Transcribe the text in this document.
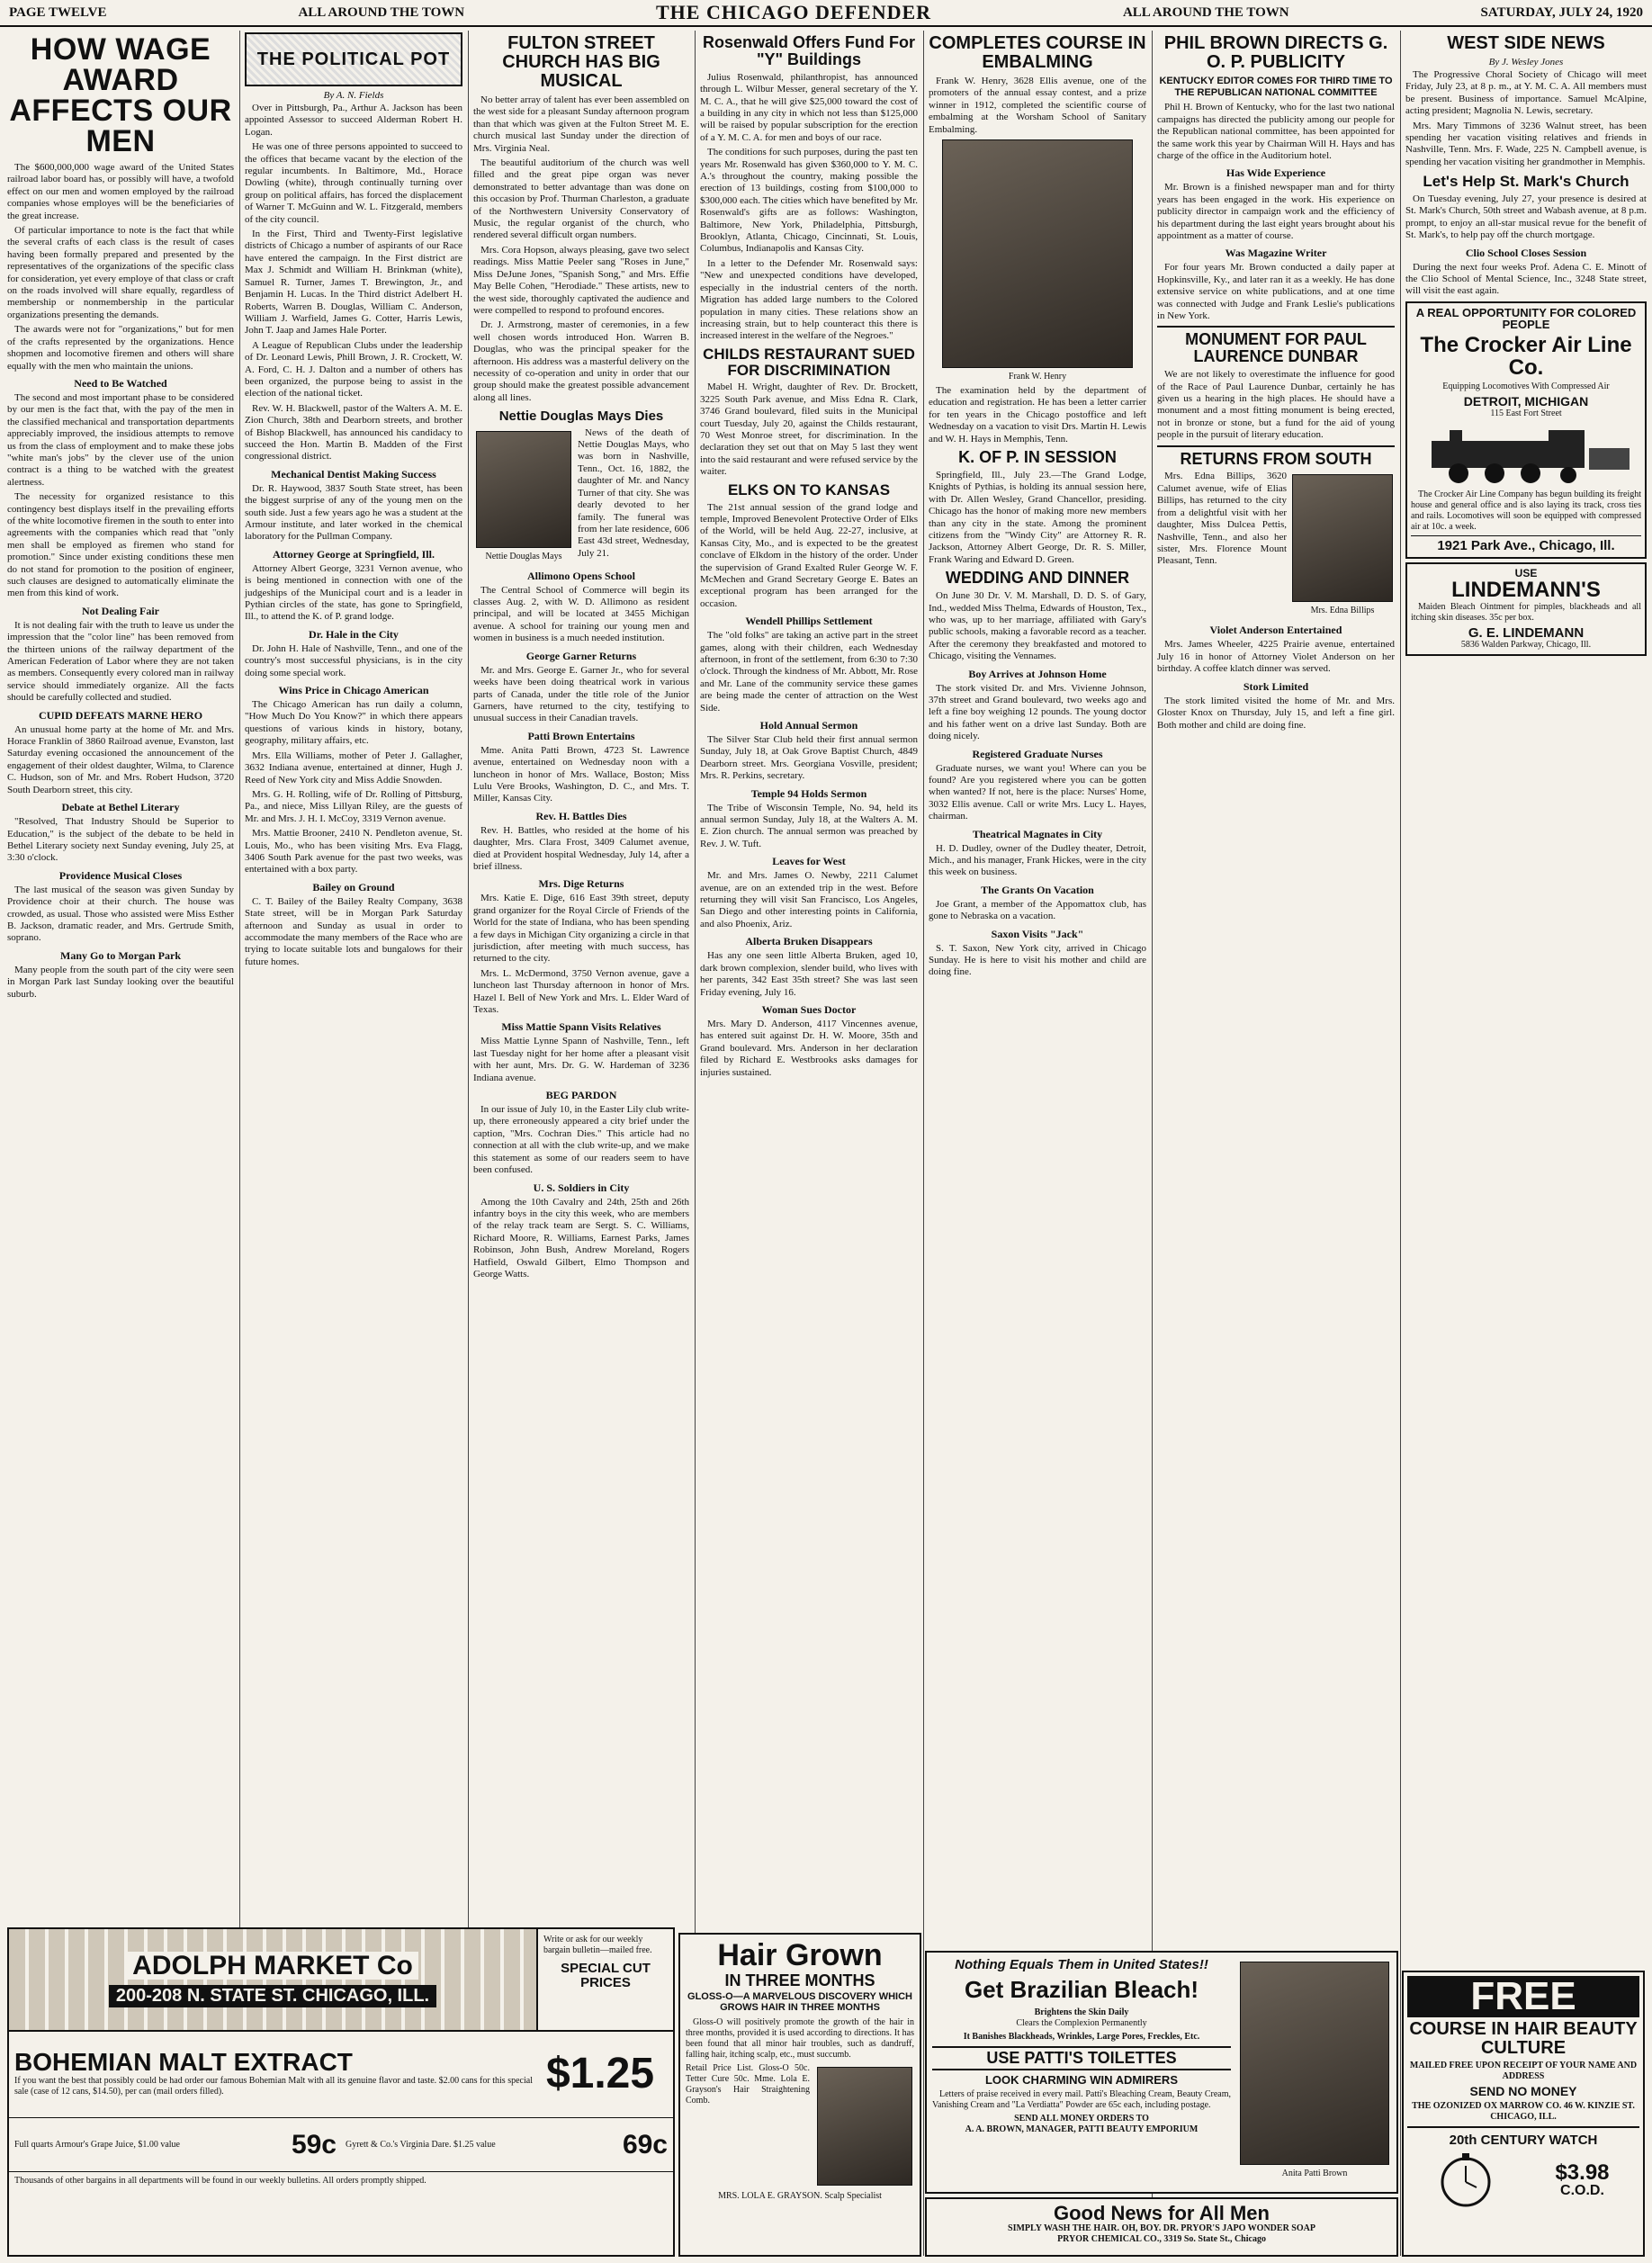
PAGE TWELVE	ALL AROUND THE TOWN	THE CHICAGO DEFENDER	ALL AROUND THE TOWN	SATURDAY, JULY 24, 1920
HOW WAGE AWARD AFFECTS OUR MEN

The $600,000,000 wage award of the United States railroad labor board has, or possibly will have, a twofold effect on our men and women employed by the railroad companies whose employes will be the beneficiaries of the great increase.

Of particular importance to note is the fact that while the several crafts of each class is the result of cases having been formally prepared and presented by the representatives of the organizations of the specific class for consideration, yet every employe of that class or craft on the roads involved will share equally, regardless of membership or nonmembership in the particular organizations presenting the demands.

The awards were not for "organizations," but for men of the crafts represented by the organizations. Hence shopmen and locomotive firemen and others will share equally with the men who maintain the unions.

Need to Be Watched

The second and most important phase to be considered by our men is the fact that, with the pay of the men in the classified mechanical and transportation departments appreciably improved, the insidious attempts to remove us from the class of employment and to make these jobs "white man's jobs" by the clever use of the union contract is a thing to be watched with the greatest alertness.

The necessity for organized resistance to this contingency best displays itself in the prevailing efforts of the white locomotive firemen in the south to enter into agreements with the companies which read that "only men shall be employed as firemen who stand for promotion." Since under existing conditions these men do not stand for promotion to the position of engineer, such clauses are designed to automatically eliminate the men from this kind of work.

Not Dealing Fair

It is not dealing fair with the truth to leave us under the impression that the "color line" has been removed from the thirteen unions of the railway department of the American Federation of Labor where they are not taken as members. Consequently every colored man in railway service should immediately organize. All the facts should be carefully collected and studied.

CUPID DEFEATS MARNE HERO

An unusual home party at the home of Mr. and Mrs. Horace Franklin of 3860 Railroad avenue, Evanston, last Saturday evening occasioned the announcement of the engagement of their oldest daughter, Wilma, to Clarence C. Hudson, son of Mr. and Mrs. Robert Hudson, 3720 South Dearborn street, this city.

Debate at Bethel Literary

"Resolved, That Industry Should be Superior to Education," is the subject of the debate to be held in Bethel Literary society next Sunday evening, July 25, at 3:30 o'clock.

Providence Musical Closes

The last musical of the season was given Sunday by Providence choir at their church. The house was crowded, as usual. Those who assisted were Miss Esther B. Jackson, dramatic reader, and Mrs. Gertrude Smith, soprano.

Many Go to Morgan Park

Many people from the south part of the city were seen in Morgan Park last Sunday looking over the beautiful suburb.

THE POLITICAL POT
By A. N. Fields

Over in Pittsburgh, Pa., Arthur A. Jackson has been appointed Assessor to succeed Alderman Robert H. Logan.

He was one of three persons appointed to succeed to the offices that became vacant by the election of the regular incumbents. In Baltimore, Md., Horace Dowling (white), through continually turning over group on political affairs, has forced the displacement of Warner T. McGuinn and W. L. Fitzgerald, members of the city council.

In the First, Third and Twenty-First legislative districts of Chicago a number of aspirants of our Race have entered the campaign. In the First district are Max J. Schmidt and William H. Brinkman (white), Samuel R. Turner, James T. Brewington, Jr., and Benjamin H. Lucas. In the Third district Adelbert H. Roberts, Warren B. Douglas, William C. Anderson, William J. Warfield, James G. Cotter, Harris Lewis, John T. Jaap and James Hale Porter.

A League of Republican Clubs under the leadership of Dr. Leonard Lewis, Phill Brown, J. R. Crockett, W. A. Ford, C. H. J. Dalton and a number of others has been organized, the purpose being to assist in the election of the national ticket.

Rev. W. H. Blackwell, pastor of the Walters A. M. E. Zion Church, 38th and Dearborn streets, and brother of Bishop Blackwell, has announced his candidacy to succeed the Hon. Martin B. Madden of the First congressional district.

Mechanical Dentist Making Success

Dr. R. Haywood, 3837 South State street, has been the biggest surprise of any of the young men on the south side. Just a few years ago he was a student at the Armour institute, and later worked in the chemical laboratory for the Pullman Company.

Attorney George at Springfield, Ill.

Attorney Albert George, 3231 Vernon avenue, who is being mentioned in connection with one of the judgeships of the Municipal court and is a leader in Pythian circles of the state, has gone to Springfield, Ill., to attend the K. of P. grand lodge.

Dr. Hale in the City

Dr. John H. Hale of Nashville, Tenn., and one of the country's most successful physicians, is in the city doing some special work.

Wins Price in Chicago American

The Chicago American has run daily a column, "How Much Do You Know?" in which there appears questions of various kinds in history, botany, geography, military affairs, etc.

Mrs. Ella Williams, mother of Peter J. Gallagher, 3632 Indiana avenue, entertained at dinner, Hugh J. Reed of New York city and Miss Addie Snowden.

Mrs. G. H. Rolling, wife of Dr. Rolling of Pittsburg, Pa., and niece, Miss Lillyan Riley, are the guests of Mr. and Mrs. J. H. I. McCoy, 3319 Vernon avenue.

Mrs. Mattie Brooner, 2410 N. Pendleton avenue, St. Louis, Mo., who has been visiting Mrs. Eva Flagg, 3406 South Park avenue for the past two weeks, was entertained with a box party.

Bailey on Ground

C. T. Bailey of the Bailey Realty Company, 3638 State street, will be in Morgan Park Saturday afternoon and Sunday as usual in order to accommodate the many members of the Race who are trying to locate suitable lots and bungalows for their future homes.

FULTON STREET CHURCH HAS BIG MUSICAL

No better array of talent has ever been assembled on the west side for a pleasant Sunday afternoon program than that which was given at the Fulton Street M. E. church musical last Sunday under the direction of Mrs. Virginia Neal.

The beautiful auditorium of the church was well filled and the great pipe organ was never demonstrated to better advantage than was done on this occasion by Prof. Thurman Charleston, a graduate of the Northwestern University Conservatory of Music, the regular organist of the church, who rendered several difficult organ numbers.

Mrs. Cora Hopson, always pleasing, gave two select readings. Miss Mattie Peeler sang "Roses in June," Miss DeJune Jones, "Spanish Song," and Mrs. Effie May Belle Cohen, "Herodiade." These artists, new to the west side, thoroughly captivated the audience and were compelled to respond to profound encores.

Dr. J. Armstrong, master of ceremonies, in a few well chosen words introduced Hon. Warren B. Douglas, who was the principal speaker for the afternoon. His address was a masterful delivery on the necessity of co-operation and unity in order that our group should make the greatest possible advancement along all lines.

Nettie Douglas Mays Dies
Nettie Douglas Mays

News of the death of Nettie Douglas Mays, who was born in Nashville, Tenn., Oct. 16, 1882, the daughter of Mr. and Nancy Turner of that city. She was dearly devoted to her family. The funeral was from her late residence, 606 East 43d street, Wednesday, July 21.

Allimono Opens School

The Central School of Commerce will begin its classes Aug. 2, with W. D. Allimono as resident principal, and will be located at 3455 Michigan avenue. A school for training our young men and women in business is a much needed institution.

George Garner Returns

Mr. and Mrs. George E. Garner Jr., who for several weeks have been doing theatrical work in various parts of Canada, under the title role of the Junior Garners, have returned to the city, testifying to unusual success in their Canadian travels.

Patti Brown Entertains

Mme. Anita Patti Brown, 4723 St. Lawrence avenue, entertained on Wednesday noon with a luncheon in honor of Mrs. Wallace, Boston; Miss Lulu Vere Brooks, Washington, D. C., and Mrs. T. Miller, Kansas City.

Rev. H. Battles Dies

Rev. H. Battles, who resided at the home of his daughter, Mrs. Clara Frost, 3409 Calumet avenue, died at Provident hospital Wednesday, July 14, after a brief illness.

Mrs. Dige Returns

Mrs. Katie E. Dige, 616 East 39th street, deputy grand organizer for the Royal Circle of Friends of the World for the state of Indiana, who has been spending a few days in Michigan City organizing a circle in that jurisdiction, after meeting with much success, has returned to the city.

Mrs. L. McDermond, 3750 Vernon avenue, gave a luncheon last Thursday afternoon in honor of Mrs. Hazel I. Bell of New York and Mrs. L. Elder Ward of Texas.

Miss Mattie Spann Visits Relatives

Miss Mattie Lynne Spann of Nashville, Tenn., left last Tuesday night for her home after a pleasant visit with her aunt, Mrs. Dr. G. W. Hardeman of 3236 Indiana avenue.

BEG PARDON

In our issue of July 10, in the Easter Lily club write-up, there erroneously appeared a city brief under the caption, "Mrs. Cochran Dies." This article had no connection at all with the club write-up, and we make this statement as some of our readers seem to have been confused.

U. S. Soldiers in City

Among the 10th Cavalry and 24th, 25th and 26th infantry boys in the city this week, who are members of the relay track team are Sergt. S. C. Williams, Richard Moore, R. Williams, Earnest Parks, James Robinson, John Bush, Andrew Moreland, Rogers Hatfield, Oswald Gilbert, Elmo Thompson and George Watts.

Rosenwald Offers Fund For "Y" Buildings

Julius Rosenwald, philanthropist, has announced through L. Wilbur Messer, general secretary of the Y. M. C. A., that he will give $25,000 toward the cost of a building in any city in which not less than $125,000 will be raised by popular subscription for the erection of a Y. M. C. A. for men and boys of our race.

The conditions for such purposes, during the past ten years Mr. Rosenwald has given $360,000 to Y. M. C. A.'s throughout the country, making possible the erection of 13 buildings, costing from $100,000 to $300,000 each. The cities which have benefited by Mr. Rosenwald's gifts are as follows: Washington, Baltimore, New York, Philadelphia, Pittsburgh, Brooklyn, Atlanta, Chicago, Cincinnati, St. Louis, Columbus, Indianapolis and Kansas City.

In a letter to the Defender Mr. Rosenwald says: "New and unexpected conditions have developed, especially in the industrial centers of the north. Migration has added large numbers to the Colored population in many cities. These relations show an increasing strain, but to help counteract this there is increased interest in the welfare of the Negroes."

CHILDS RESTAURANT SUED FOR DISCRIMINATION

Mabel H. Wright, daughter of Rev. Dr. Brockett, 3225 South Park avenue, and Miss Edna R. Clark, 3746 Grand boulevard, filed suits in the Municipal court Tuesday, July 20, against the Childs restaurant, 70 West Monroe street, for discrimination. In the declaration they set out that on May 5 last they went into the said restaurant and were refused service by the waiter.

ELKS ON TO KANSAS

The 21st annual session of the grand lodge and temple, Improved Benevolent Protective Order of Elks of the World, will be held Aug. 22-27, inclusive, at Kansas City, Mo., and is expected to be the greatest conclave of Elkdom in the history of the order. Under the supervision of Grand Exalted Ruler George W. F. McMechen and Grand Secretary George E. Bates an exceptional program has been arranged for the occasion.

Wendell Phillips Settlement

The "old folks" are taking an active part in the street games, along with their children, each Wednesday afternoon, in front of the settlement, from 6:30 to 7:30 o'clock. Through the kindness of Mr. Abbott, Mr. Rose and Mr. Lane of the community service these games are being made the center of attraction on the West Side.

Hold Annual Sermon

The Silver Star Club held their first annual sermon Sunday, July 18, at Oak Grove Baptist Church, 4849 Dearborn street. Mrs. Georgiana Vosville, president; Mrs. R. Perkins, secretary.

Temple 94 Holds Sermon

The Tribe of Wisconsin Temple, No. 94, held its annual sermon Sunday, July 18, at the Walters A. M. E. Zion church. The annual sermon was preached by Rev. J. W. Tuft.

Leaves for West

Mr. and Mrs. James O. Newby, 2211 Calumet avenue, are on an extended trip in the west. Before returning they will visit San Francisco, Los Angeles, San Diego and other interesting points in California, and also Phoenix, Ariz.

Alberta Bruken Disappears

Has any one seen little Alberta Bruken, aged 10, dark brown complexion, slender build, who lives with her parents, 342 East 35th street? She was last seen Friday evening, July 16.

Woman Sues Doctor

Mrs. Mary D. Anderson, 4117 Vincennes avenue, has entered suit against Dr. H. W. Moore, 35th and Grand boulevard. Mrs. Anderson in her declaration filed by Richard E. Westbrooks asks damages for injuries sustained.

COMPLETES COURSE IN EMBALMING

Frank W. Henry, 3628 Ellis avenue, one of the promoters of the annual essay contest, and a prize winner in 1912, completed the scientific course of embalming at the Worsham School of Sanitary Embalming.

Frank W. Henry

The examination held by the department of education and registration. He has been a letter carrier for ten years in the Chicago postoffice and left Wednesday on a vacation to visit Drs. Martin H. Lewis and W. H. Hays in Memphis, Tenn.

K. OF P. IN SESSION

Springfield, Ill., July 23.—The Grand Lodge, Knights of Pythias, is holding its annual session here, with Dr. Allen Wesley, Grand Chancellor, presiding. Chicago has the honor of making more new members than any city in the state. Among the prominent citizens from the "Windy City" are Attorney R. R. Jackson, Attorney Albert George, Dr. R. S. Miller, Frank Waring and Edward D. Green.

WEDDING AND DINNER

On June 30 Dr. V. M. Marshall, D. D. S. of Gary, Ind., wedded Miss Thelma, Edwards of Houston, Tex., who was, up to her marriage, affiliated with Gary's public schools, making a favorable record as a teacher. After the ceremony they breakfasted and motored to Chicago, visiting the Vennames.

Boy Arrives at Johnson Home

The stork visited Dr. and Mrs. Vivienne Johnson, 37th street and Grand boulevard, two weeks ago and left a fine boy weighing 12 pounds. The young doctor and his father went on a drive last Sunday. Both are doing nicely.

Registered Graduate Nurses

Graduate nurses, we want you! Where can you be found? Are you registered where you can be gotten when wanted? If not, here is the place: Nurses' Home, 3032 Ellis avenue. Call or write Mrs. Lucy L. Hayes, chairman.

Theatrical Magnates in City

H. D. Dudley, owner of the Dudley theater, Detroit, Mich., and his manager, Frank Hickes, were in the city this week on business.

The Grants On Vacation

Joe Grant, a member of the Appomattox club, has gone to Nebraska on a vacation.

Saxon Visits "Jack"

S. T. Saxon, New York city, arrived in Chicago Sunday. He is here to visit his mother and child are doing fine.

PHIL BROWN DIRECTS G. O. P. PUBLICITY
KENTUCKY EDITOR COMES FOR THIRD TIME TO THE REPUBLICAN NATIONAL COMMITTEE

Phil H. Brown of Kentucky, who for the last two national campaigns has directed the publicity among our people for the Republican national committee, has been appointed for the same work this year by Chairman Will H. Hays and has charge of the office in the Auditorium hotel.

Has Wide Experience

Mr. Brown is a finished newspaper man and for thirty years has been engaged in the work. His experience on publicity director in campaign work and the efficiency of his department during the last eight years brought about his appointment as a matter of course.

Was Magazine Writer

For four years Mr. Brown conducted a daily paper at Hopkinsville, Ky., and later ran it as a weekly. He has done extensive service on white publications, and at one time was connected with Judge and Frank Leslie's publications in New York.

MONUMENT FOR PAUL LAURENCE DUNBAR

We are not likely to overestimate the influence for good of the Race of Paul Laurence Dunbar, certainly he has given us a hearing in the high places. He should have a monument and a most fitting monument is being erected, not in bronze or stone, but a fund for the aid of young people in the pursuit of literary education.

RETURNS FROM SOUTH

Mrs. Edna Billips, 3620 Calumet avenue, wife of Elias Billips, has returned to the city from a delightful visit with her daughter, Miss Dulcea Pettis, Nashville, Tenn., and also her sister, Mrs. Florence Mount Pleasant, Tenn.

Mrs. Edna Billips
Violet Anderson Entertained

Mrs. James Wheeler, 4225 Prairie avenue, entertained July 16 in honor of Attorney Violet Anderson on her birthday. A coffee klatch dinner was served.

Stork Limited

The stork limited visited the home of Mr. and Mrs. Gloster Knox on Thursday, July 15, and left a fine girl. Both mother and child are doing fine.

WEST SIDE NEWS
By J. Wesley Jones

The Progressive Choral Society of Chicago will meet Friday, July 23, at 8 p. m., at Y. M. C. A. All members must be present. Business of importance. Samuel McAlpine, acting president; Magnolia N. Lewis, secretary.

Mrs. Mary Timmons of 3236 Walnut street, has been spending her vacation visiting relatives and friends in Nashville, Tenn. Mrs. F. Wade, 225 N. Campbell avenue, is spending her vacation visiting her grandmother in Memphis.

Let's Help St. Mark's Church

On Tuesday evening, July 27, your presence is desired at St. Mark's Church, 50th street and Wabash avenue, at 8 p.m. prompt, to enjoy an all-star musical revue for the benefit of St. Mark's, to help pay off the church mortgage.

Clio School Closes Session

During the next four weeks Prof. Adena C. E. Minott of the Clio School of Mental Science, Inc., 3248 State street, will visit the east again.

A REAL OPPORTUNITY FOR COLORED PEOPLE
The Crocker Air Line Co.
Equipping Locomotives With Compressed Air
DETROIT, MICHIGAN
115 East Fort Street

The Crocker Air Line Company has begun building its freight house and general office and is also laying its track, cross ties and rails. Locomotives will soon be equipped with compressed air at 10c. a week.

1921 Park Ave., Chicago, Ill.
USE
LINDEMANN'S

Maiden Bleach Ointment for pimples, blackheads and all itching skin diseases. 35c per box.

G. E. LINDEMANN
5836 Walden Parkway, Chicago, Ill.
ADOLPH MARKET Co
200-208 N. STATE ST. CHICAGO, ILL.
Write or ask for our weekly bargain bulletin—mailed free.
SPECIAL CUT PRICES
BOHEMIAN MALT EXTRACT

If you want the best that possibly could be had order our famous Bohemian Malt with all its genuine flavor and taste. $2.00 cans for this special sale (case of 12 cans, $14.50), per can (mail orders filled).	$1.25
Full quarts Armour's Grape Juice, $1.00 value	59c Gyrett & Co.'s Virginia Dare. $1.25 value	69c

Thousands of other bargains in all departments will be found in our weekly bulletins. All orders promptly shipped.

Hair Grown
IN THREE MONTHS
GLOSS-O—A MARVELOUS DISCOVERY WHICH GROWS HAIR IN THREE MONTHS

Gloss-O will positively promote the growth of the hair in three months, provided it is used according to directions. It has been found that all minor hair troubles, such as dandruff, falling hair, itching scalp, etc., must succumb.

Retail Price List. Gloss-O 50c. Tetter Cure 50c. Mme. Lola E. Grayson's Hair Straightening Comb.

MRS. LOLA E. GRAYSON. Scalp Specialist
Nothing Equals Them in United States!!
Get Brazilian Bleach!
Brightens the Skin Daily
Clears the Complexion Permanently
It Banishes Blackheads, Wrinkles, Large Pores, Freckles, Etc.
USE PATTI'S TOILETTES
LOOK CHARMING WIN ADMIRERS

Letters of praise received in every mail. Patti's Bleaching Cream, Beauty Cream, Vanishing Cream and "La Verdiatta" Powder are 65c each, including postage.

SEND ALL MONEY ORDERS TO
A. A. BROWN, MANAGER, PATTI BEAUTY EMPORIUM
Anita Patti Brown
Good News for All Men
SIMPLY WASH THE HAIR. OH, BOY. DR. PRYOR'S JAPO WONDER SOAP
PRYOR CHEMICAL CO., 3319 So. State St., Chicago
FREE
COURSE IN HAIR BEAUTY CULTURE
MAILED FREE UPON RECEIPT OF YOUR NAME AND ADDRESS
SEND NO MONEY
THE OZONIZED OX MARROW CO. 46 W. KINZIE ST. CHICAGO, ILL.
20th CENTURY WATCH
$3.98
C.O.D.
